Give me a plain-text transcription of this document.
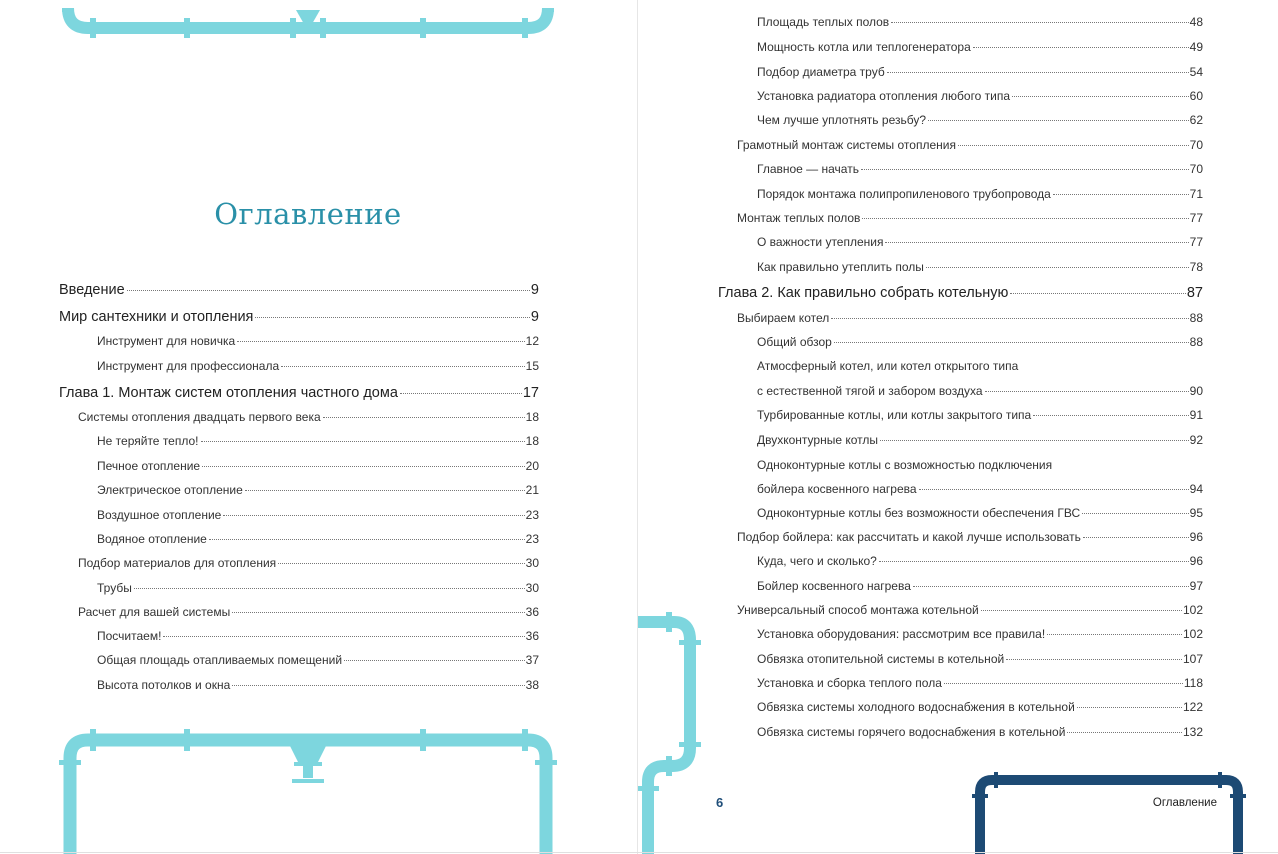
Оглавление
Введение	9
Мир сантехники и отопления	9
Инструмент для новичка	12
Инструмент для профессионала	15
Глава 1. Монтаж систем отопления частного дома	17
Системы отопления двадцать первого века	18
Не теряйте тепло!	18
Печное отопление	20
Электрическое отопление	21
Воздушное отопление	23
Водяное отопление	23
Подбор материалов для отопления	30
Трубы	30
Расчет для вашей системы	36
Посчитаем!	36
Общая площадь отапливаемых помещений	37
Высота потолков и окна	38
Площадь теплых полов	48
Мощность котла или теплогенератора	49
Подбор диаметра труб	54
Установка радиатора отопления любого типа	60
Чем лучше уплотнять резьбу?	62
Грамотный монтаж системы отопления	70
Главное — начать	70
Порядок монтажа полипропиленового трубопровода	71
Монтаж теплых полов	77
О важности утепления	77
Как правильно утеплить полы	78
Глава 2. Как правильно собрать котельную	87
Выбираем котел	88
Общий обзор	88
Атмосферный котел, или котел открытого типа
с естественной тягой и забором воздуха	90
Турбированные котлы, или котлы закрытого типа	91
Двухконтурные котлы	92
Одноконтурные котлы с возможностью подключения
бойлера косвенного нагрева	94
Одноконтурные котлы без возможности обеспечения ГВС	95
Подбор бойлера: как рассчитать и какой лучше использовать	96
Куда, чего и сколько?	96
Бойлер косвенного нагрева	97
Универсальный способ монтажа котельной	102
Установка оборудования: рассмотрим все правила!	102
Обвязка отопительной системы в котельной	107
Установка и сборка теплого пола	118
Обвязка системы холодного водоснабжения в котельной	122
Обвязка системы горячего водоснабжения в котельной	132
6	Оглавление
